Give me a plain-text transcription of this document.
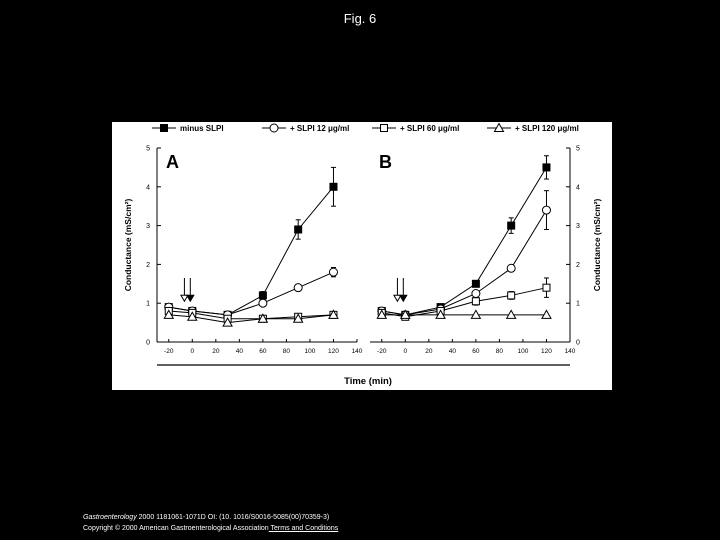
Fig. 6
minus SLPI	+ SLPI 12 μg/ml	+ SLPI 60 μg/ml	+ SLPI 120 μg/ml
0
1
2
3
4
5
-20	0	20	40	60	80 100 120 140
A
Conductance (mS/cm²)
0
1
2
3
4
5
-20	0	20	40	60	80 100 120 140
B
Conductance (mS/cm²)
Time (min)
Gastroenterology 2000 1181061-1071D OI: (10. 1016/S0016-5085(00)70359-3)
Copyright © 2000 American Gastroenterological Association Terms and Conditions
